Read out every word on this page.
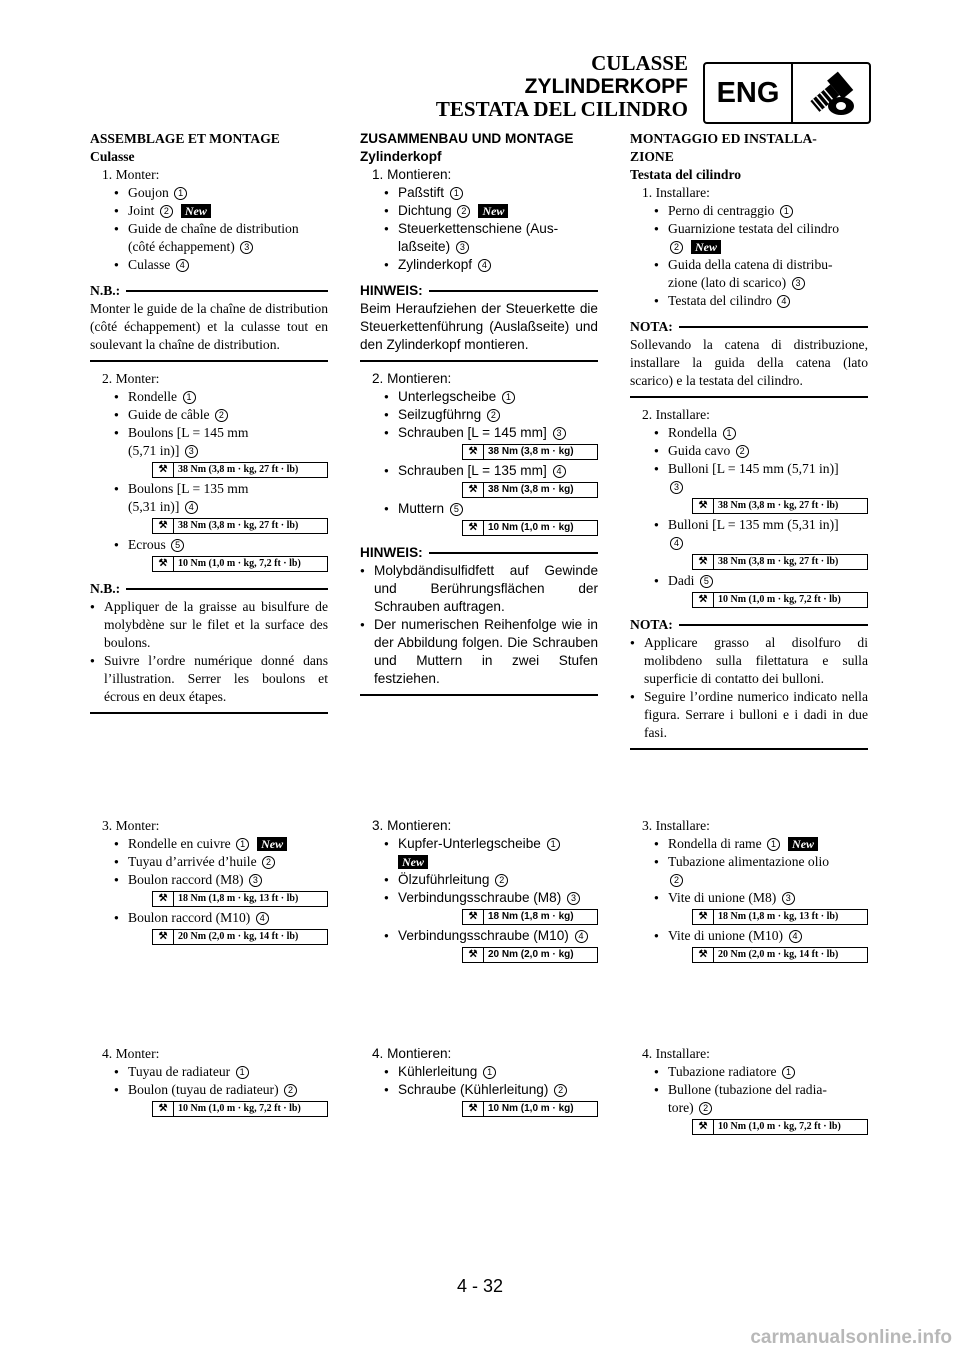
CULASSE
ZYLINDERKOPF
TESTATA DEL CILINDRO
ENG
ASSEMBLAGE ET MONTAGE
Culasse
1. Monter:
● Goujon 1
● Joint 2 New
● Guide de chaîne de distribution
(côté échappement) 3
● Culasse 4
N.B.:
Monter le guide de la chaîne de distribution (côté échappement) et la culasse tout en soulevant la chaîne de distribution.
2. Monter:
● Rondelle 1
● Guide de câble 2
● Boulons [L = 145 mm
(5,71 in)] 3
⚒	38 Nm (3,8 m · kg, 27 ft · lb)
● Boulons [L = 135 mm
(5,31 in)] 4
⚒	38 Nm (3,8 m · kg, 27 ft · lb)
● Ecrous 5
⚒	10 Nm (1,0 m · kg, 7,2 ft · lb)
N.B.:
● Appliquer de la graisse au bisulfure de molybdène sur le filet et la surface des boulons.
● Suivre l’ordre numérique donné dans l’illustration. Serrer les boulons et écrous en deux étapes.
3. Monter:
● Rondelle en cuivre 1 New
● Tuyau d’arrivée d’huile 2
● Boulon raccord (M8) 3
⚒	18 Nm (1,8 m · kg, 13 ft · lb)
● Boulon raccord (M10) 4
⚒	20 Nm (2,0 m · kg, 14 ft · lb)
4. Monter:
● Tuyau de radiateur 1
● Boulon (tuyau de radiateur) 2
⚒	10 Nm (1,0 m · kg, 7,2 ft · lb)
ZUSAMMENBAU UND MONTAGE
Zylinderkopf
1. Montieren:
● Paßstift 1
● Dichtung 2 New
● Steuerkettenschiene (Aus-
laßseite) 3
● Zylinderkopf 4
HINWEIS:
Beim Heraufziehen der Steuerkette die Steuerkettenführung (Auslaßseite) und den Zylinderkopf montieren.
2. Montieren:
● Unterlegscheibe 1
● Seilzugführng 2
● Schrauben [L = 145 mm] 3
⚒	38 Nm (3,8 m · kg)
● Schrauben [L = 135 mm] 4
⚒	38 Nm (3,8 m · kg)
● Muttern 5
⚒	10 Nm (1,0 m · kg)
HINWEIS:
● Molybdändisulfidfett auf Gewinde und Berührungsflächen der Schrauben auftragen.
● Der numerischen Reihenfolge wie in der Abbildung folgen. Die Schrauben und Muttern in zwei Stufen festziehen.
3. Montieren:
● Kupfer-Unterlegscheibe 1
New
● Ölzuführleitung 2
● Verbindungsschraube (M8) 3
⚒	18 Nm (1,8 m · kg)
● Verbindungsschraube (M10) 4
⚒	20 Nm (2,0 m · kg)
4. Montieren:
● Kühlerleitung 1
● Schraube (Kühlerleitung) 2
⚒	10 Nm (1,0 m · kg)
MONTAGGIO ED INSTALLA-
ZIONE
Testata del cilindro
1. Installare:
● Perno di centraggio 1
● Guarnizione testata del cilindro
2 New
● Guida della catena di distribu-
zione (lato di scarico) 3
● Testata del cilindro 4
NOTA:
Sollevando la catena di distribuzione, installare la guida della catena (lato scarico) e la testata del cilindro.
2. Installare:
● Rondella 1
● Guida cavo 2
● Bulloni [L = 145 mm (5,71 in)]
3
⚒	38 Nm (3,8 m · kg, 27 ft · lb)
● Bulloni [L = 135 mm (5,31 in)]
4
⚒	38 Nm (3,8 m · kg, 27 ft · lb)
● Dadi 5
⚒	10 Nm (1,0 m · kg, 7,2 ft · lb)
NOTA:
● Applicare grasso al disolfuro di molibdeno sulla filettatura e sulla superficie di contatto dei bulloni.
● Seguire l’ordine numerico indicato nella figura. Serrare i bulloni e i dadi in due fasi.
3. Installare:
● Rondella di rame 1 New
● Tubazione alimentazione olio
2
● Vite di unione (M8) 3
⚒	18 Nm (1,8 m · kg, 13 ft · lb)
● Vite di unione (M10) 4
⚒	20 Nm (2,0 m · kg, 14 ft · lb)
4. Installare:
● Tubazione radiatore 1
● Bullone (tubazione del radia-
tore) 2
⚒	10 Nm (1,0 m · kg, 7,2 ft · lb)
4 - 32
carmanualsonline.info
